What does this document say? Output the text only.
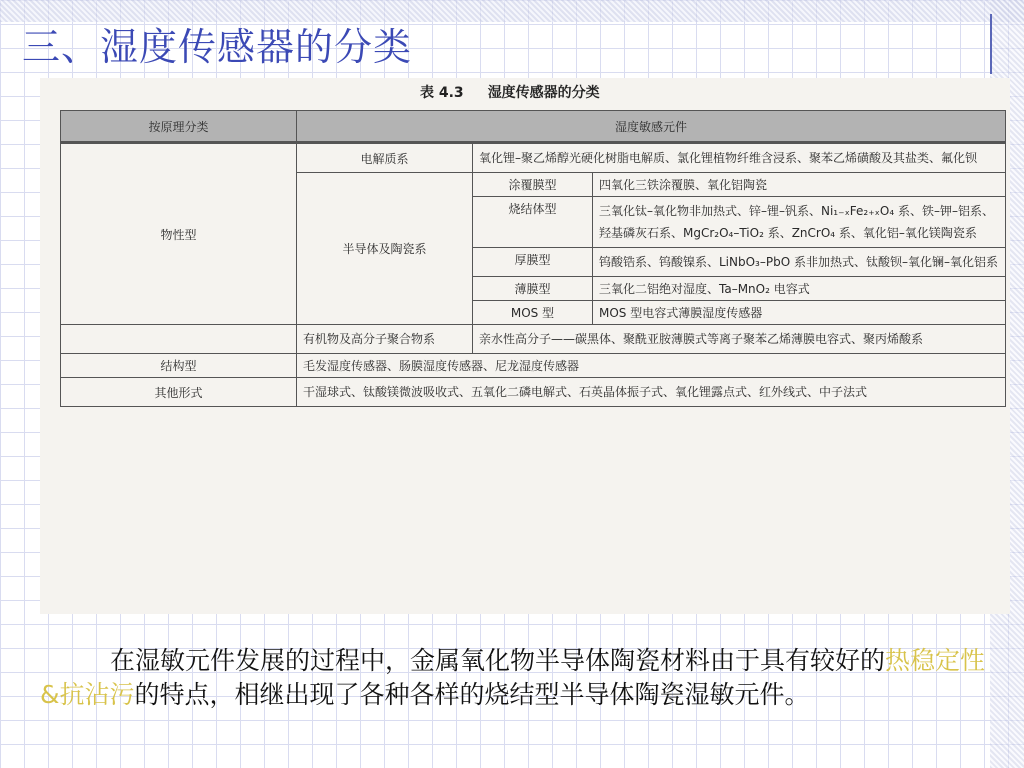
三、湿度传感器的分类
表 4.3 湿度传感器的分类
按原理分类	湿度敏感元件		
物性型	电解质系	氧化锂–聚乙烯醇光硬化树脂电解质、氯化锂植物纤维含浸系、聚苯乙烯磺酸及其盐类、氟化钡	
	半导体及陶瓷系	涂覆膜型	四氧化三铁涂覆膜、氧化铝陶瓷
		烧结体型	三氧化钛–氧化物非加热式、锌–锂–钒系、Ni₁₋ₓFe₂₊ₓO₄ 系、铁–钾–铝系、羟基磷灰石系、MgCr₂O₄–TiO₂ 系、ZnCrO₄ 系、氧化铝–氧化镁陶瓷系
		厚膜型	钨酸锆系、钨酸镍系、LiNbO₃–PbO 系非加热式、钛酸钡–氧化镧–氧化铝系
		薄膜型	三氧化二铝绝对湿度、Ta–MnO₂ 电容式
		MOS 型	MOS 型电容式薄膜湿度传感器
	有机物及高分子聚合物系	亲水性高分子——碳黑体、聚酰亚胺薄膜式等离子聚苯乙烯薄膜电容式、聚丙烯酸系	
结构型	毛发湿度传感器、肠膜湿度传感器、尼龙湿度传感器		
其他形式	干湿球式、钛酸镁微波吸收式、五氧化二磷电解式、石英晶体振子式、氧化锂露点式、红外线式、中子法式		

在湿敏元件发展的过程中，金属氧化物半导体陶瓷材料由于具有较好的热稳定性&抗沾污的特点，相继出现了各种各样的烧结型半导体陶瓷湿敏元件。
